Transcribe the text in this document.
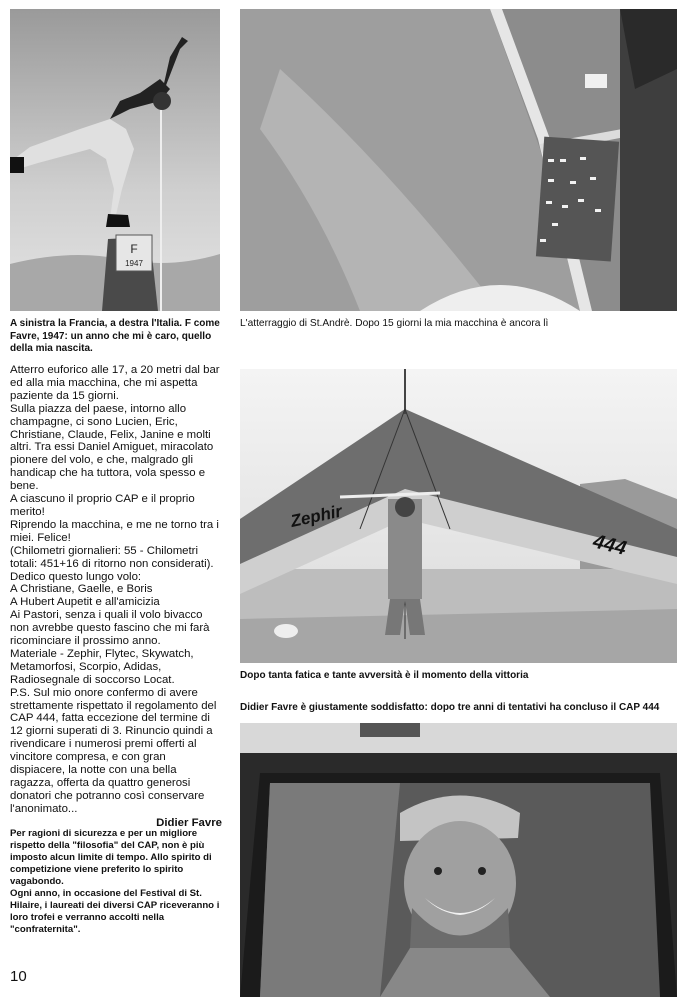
F
1947
A sinistra la Francia, a destra l'Italia. F come Favre, 1947: un anno che mi è caro, quello della mia nascita.
L'atterraggio di St.Andrè. Dopo 15 giorni la mia macchina è ancora lì

Atterro euforico alle 17, a 20 metri dal bar ed alla mia macchina, che mi aspetta paziente da 15 giorni.

Sulla piazza del paese, intorno allo champagne, ci sono Lucien, Eric, Christiane, Claude, Felix, Janine e molti altri. Tra essi Daniel Amiguet, miracolato pionere del volo, e che, malgrado gli handicap che ha tuttora, vola spesso e bene.

A ciascuno il proprio CAP e il proprio merito!

Riprendo la macchina, e me ne torno tra i miei. Felice!

(Chilometri giornalieri: 55 - Chilometri totali: 451+16 di ritorno non considerati).

Dedico questo lungo volo:

A Christiane, Gaelle, e Boris

A Hubert Aupetit e all'amicizia

Ai Pastori, senza i quali il volo bivacco non avrebbe questo fascino che mi farà ricominciare il prossimo anno.

Materiale - Zephir, Flytec, Skywatch, Metamorfosi, Scorpio, Adidas, Radiosegnale di soccorso Locat.

P.S. Sul mio onore confermo di avere strettamente rispettato il regolamento del CAP 444, fatta eccezione del termine di 12 giorni superati di 3. Rinuncio quindi a rivendicare i numerosi premi offerti al vincitore compresa, e con gran dispiacere, la notte con una bella ragazza, offerta da quattro generosi donatori che potranno così conservare l'anonimato...

Didier Favre

Per ragioni di sicurezza e per un migliore rispetto della "filosofia" del CAP, non è più imposto alcun limite di tempo. Allo spirito di competizione viene preferito lo spirito vagabondo.

Ogni anno, in occasione del Festival di St. Hilaire, i laureati dei diversi CAP riceveranno i loro trofei e verranno accolti nella "confraternita".

Zephir
444
Dopo tanta fatica e tante avversità è il momento della vittoria
Didier Favre è giustamente soddisfatto: dopo tre anni di tentativi ha concluso il CAP 444
10
